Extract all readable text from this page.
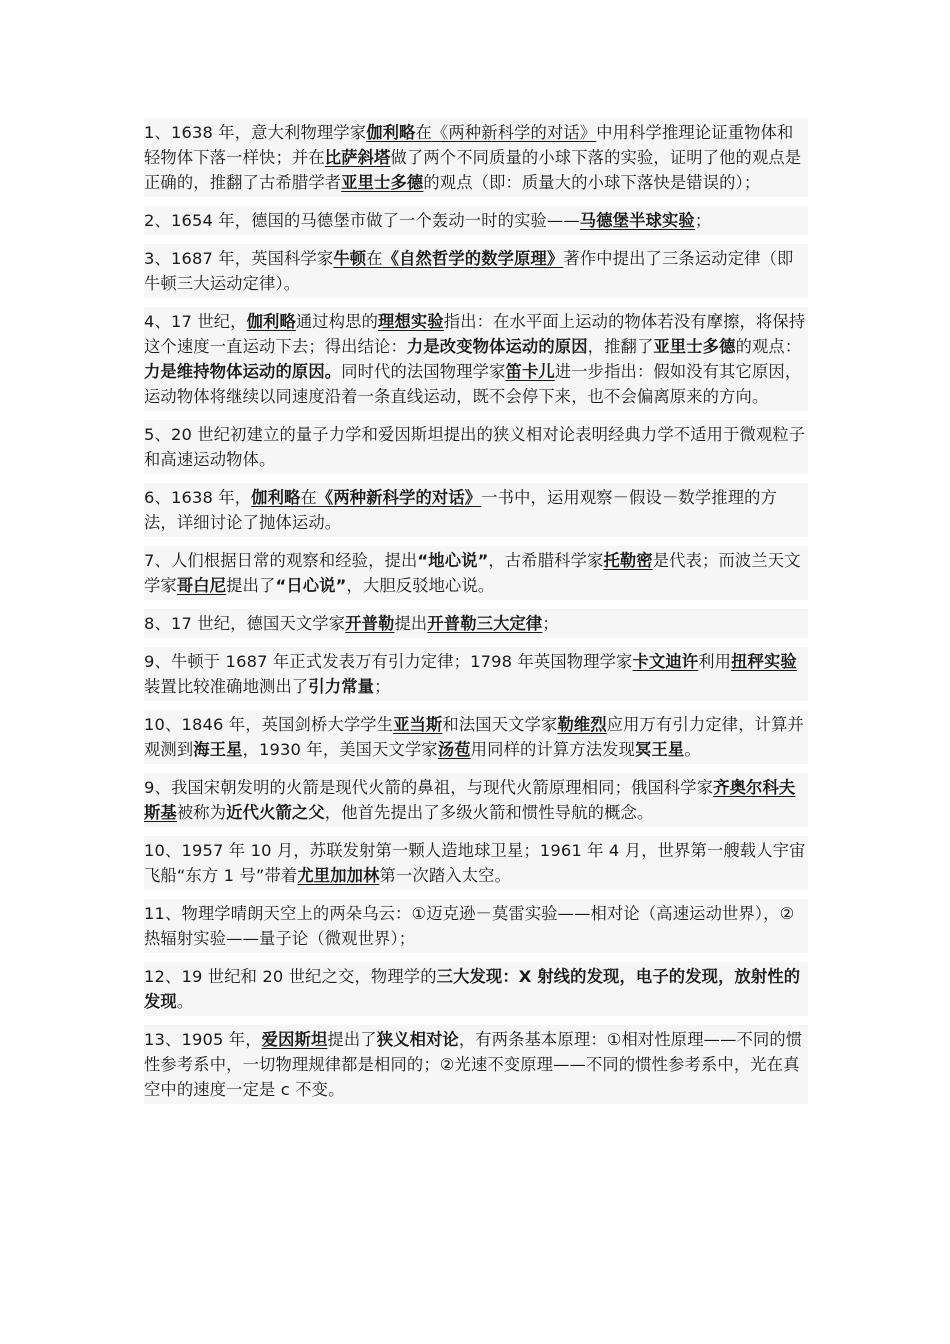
1、1638 年，意大利物理学家伽利略在《两种新科学的对话》中用科学推理论证重物体和轻物体下落一样快；并在比萨斜塔做了两个不同质量的小球下落的实验，证明了他的观点是正确的，推翻了古希腊学者亚里士多德的观点（即：质量大的小球下落快是错误的）；

2、1654 年，德国的马德堡市做了一个轰动一时的实验——马德堡半球实验；

3、1687 年，英国科学家牛顿在《自然哲学的数学原理》著作中提出了三条运动定律（即牛顿三大运动定律）。

4、17 世纪，伽利略通过构思的理想实验指出：在水平面上运动的物体若没有摩擦，将保持这个速度一直运动下去；得出结论：力是改变物体运动的原因，推翻了亚里士多德的观点：力是维持物体运动的原因。同时代的法国物理学家笛卡儿进一步指出：假如没有其它原因，运动物体将继续以同速度沿着一条直线运动，既不会停下来，也不会偏离原来的方向。

5、20 世纪初建立的量子力学和爱因斯坦提出的狭义相对论表明经典力学不适用于微观粒子和高速运动物体。

6、1638 年，伽利略在《两种新科学的对话》一书中，运用观察－假设－数学推理的方法，详细讨论了抛体运动。

7、人们根据日常的观察和经验，提出“地心说”，古希腊科学家托勒密是代表；而波兰天文学家哥白尼提出了“日心说”，大胆反驳地心说。

8、17 世纪，德国天文学家开普勒提出开普勒三大定律；

9、牛顿于 1687 年正式发表万有引力定律；1798 年英国物理学家卡文迪许利用扭秤实验装置比较准确地测出了引力常量；

10、1846 年，英国剑桥大学学生亚当斯和法国天文学家勒维烈应用万有引力定律，计算并观测到海王星，1930 年，美国天文学家汤苞用同样的计算方法发现冥王星。

9、我国宋朝发明的火箭是现代火箭的鼻祖，与现代火箭原理相同；俄国科学家齐奥尔科夫斯基被称为近代火箭之父，他首先提出了多级火箭和惯性导航的概念。

10、1957 年 10 月，苏联发射第一颗人造地球卫星；1961 年 4 月，世界第一艘载人宇宙飞船“东方 1 号”带着尤里加加林第一次踏入太空。

11、物理学晴朗天空上的两朵乌云：①迈克逊－莫雷实验——相对论（高速运动世界），②热辐射实验——量子论（微观世界）；

12、19 世纪和 20 世纪之交，物理学的三大发现：X 射线的发现，电子的发现，放射性的发现。

13、1905 年，爱因斯坦提出了狭义相对论，有两条基本原理：①相对性原理——不同的惯性参考系中，一切物理规律都是相同的；②光速不变原理——不同的惯性参考系中，光在真空中的速度一定是 c 不变。
